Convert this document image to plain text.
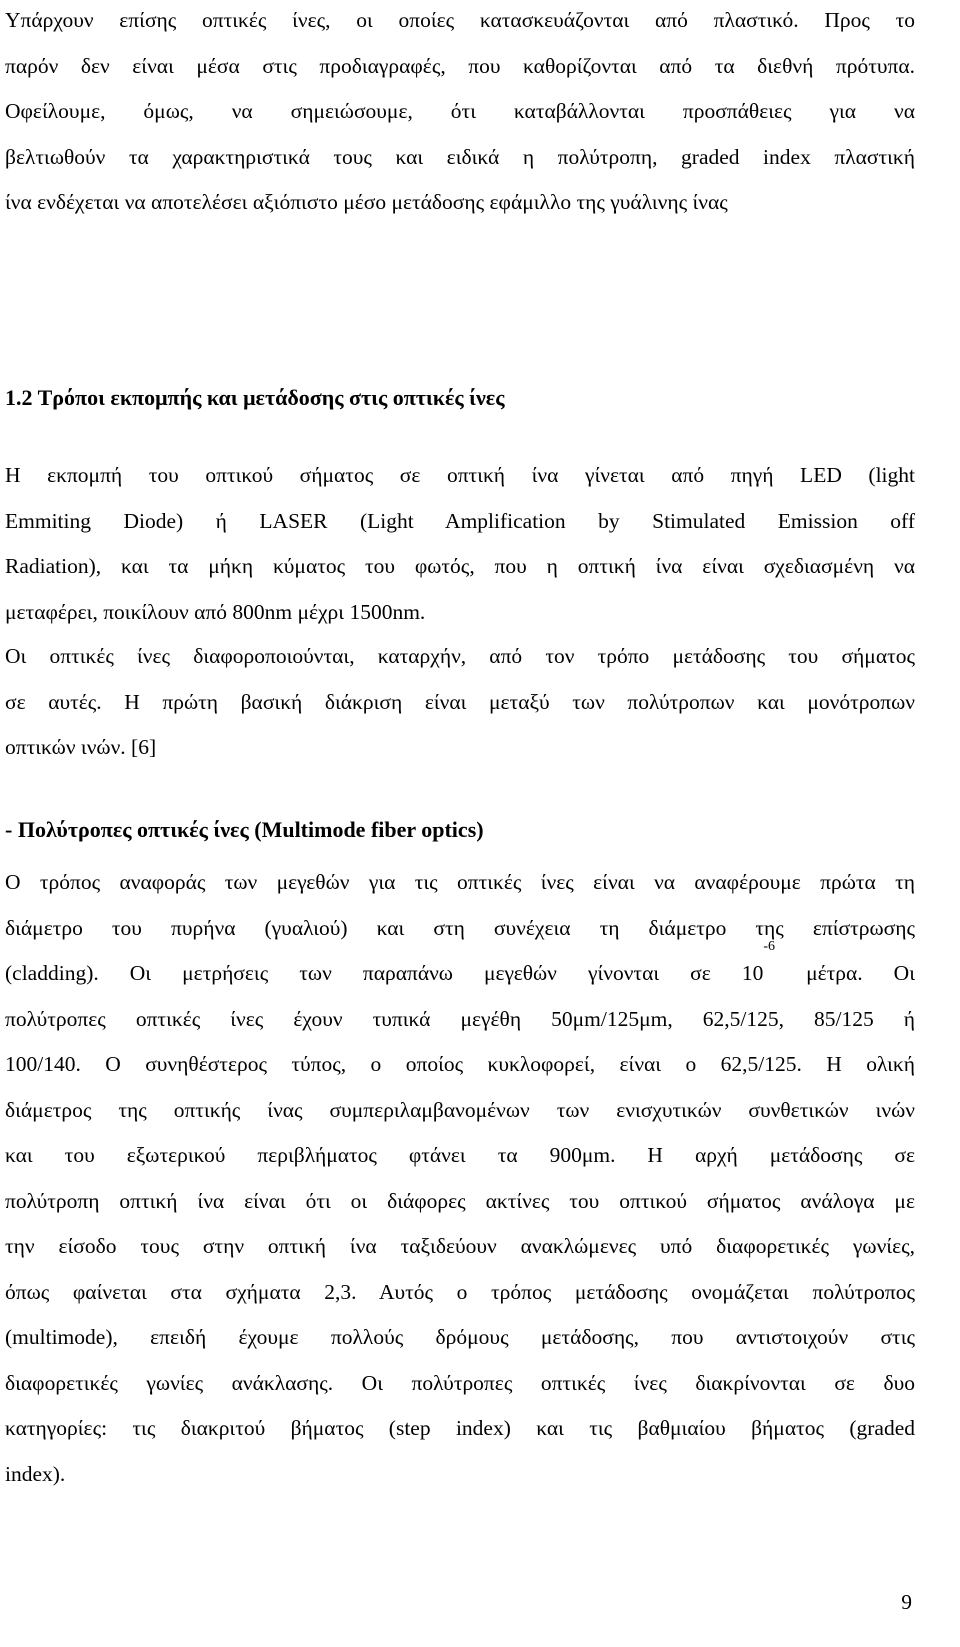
Υπάρχουν επίσης οπτικές ίνες, οι οποίες κατασκευάζονται από πλαστικό. Προς το
παρόν δεν είναι μέσα στις προδιαγραφές, που καθορίζονται από τα διεθνή πρότυπα.
Οφείλουμε, όμως, να σημειώσουμε, ότι καταβάλλονται προσπάθειες για να
βελτιωθούν τα χαρακτηριστικά τους και ειδικά η πολύτροπη, graded index πλαστική
ίνα ενδέχεται να αποτελέσει αξιόπιστο μέσο μετάδοσης εφάμιλλο της γυάλινης ίνας
1.2 Τρόποι εκπομπής και μετάδοσης στις οπτικές ίνες
Η εκπομπή του οπτικού σήματος σε οπτική ίνα γίνεται από πηγή LED (light
Emmiting Diode) ή LASER (Light Amplification by Stimulated Emission off
Radiation), και τα μήκη κύματος του φωτός, που η οπτική ίνα είναι σχεδιασμένη να
μεταφέρει, ποικίλουν από 800nm μέχρι 1500nm.
Οι οπτικές ίνες διαφοροποιούνται, καταρχήν, από τον τρόπο μετάδοσης του σήματος
σε αυτές. Η πρώτη βασική διάκριση είναι μεταξύ των πολύτροπων και μονότροπων
οπτικών ινών. [6]
- Πολύτροπες οπτικές ίνες (Multimode fiber optics)
Ο τρόπος αναφοράς των μεγεθών για τις οπτικές ίνες είναι να αναφέρουμε πρώτα τη
διάμετρο του πυρήνα (γυαλιού) και στη συνέχεια τη διάμετρο της επίστρωσης
(cladding). Οι μετρήσεις των παραπάνω μεγεθών γίνονται σε $10^{-6}$ μέτρα. Οι
πολύτροπες οπτικές ίνες έχουν τυπικά μεγέθη 50μm/125μm, 62,5/125, 85/125 ή
100/140. Ο συνηθέστερος τύπος, ο οποίος κυκλοφορεί, είναι ο 62,5/125. Η ολική
διάμετρος της οπτικής ίνας συμπεριλαμβανομένων των ενισχυτικών συνθετικών ινών
και του εξωτερικού περιβλήματος φτάνει τα 900μm. Η αρχή μετάδοσης σε
πολύτροπη οπτική ίνα είναι ότι οι διάφορες ακτίνες του οπτικού σήματος ανάλογα με
την είσοδο τους στην οπτική ίνα ταξιδεύουν ανακλώμενες υπό διαφορετικές γωνίες,
όπως φαίνεται στα σχήματα 2,3. Αυτός ο τρόπος μετάδοσης ονομάζεται πολύτροπος
(multimode), επειδή έχουμε πολλούς δρόμους μετάδοσης, που αντιστοιχούν στις
διαφορετικές γωνίες ανάκλασης. Οι πολύτροπες οπτικές ίνες διακρίνονται σε δυο
κατηγορίες: τις διακριτού βήματος (step index) και τις βαθμιαίου βήματος (graded
index).
9
